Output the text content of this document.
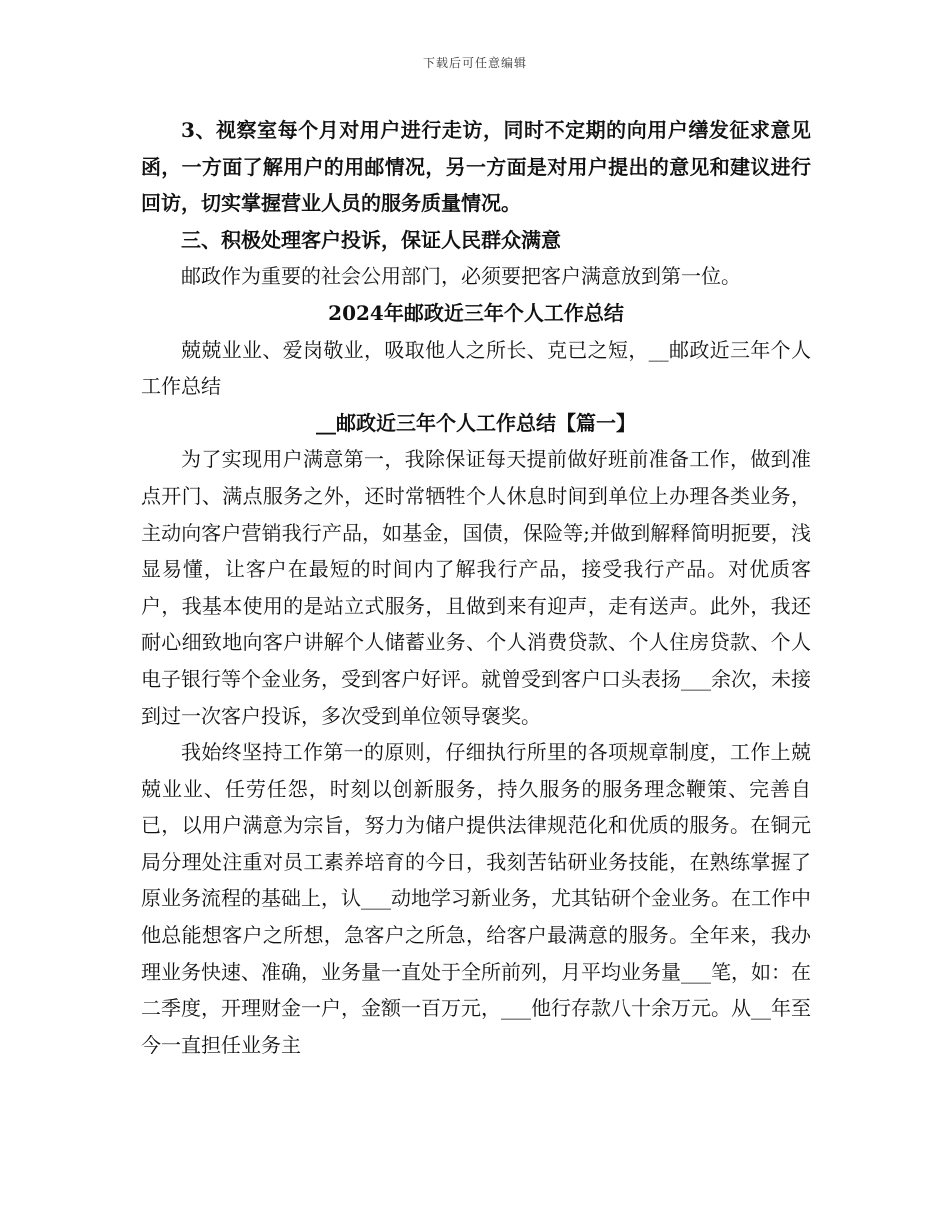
下载后可任意编辑

3、视察室每个月对用户进行走访，同时不定期的向用户缮发征求意见函，一方面了解用户的用邮情况，另一方面是对用户提出的意见和建议进行回访，切实掌握营业人员的服务质量情况。

三、积极处理客户投诉，保证人民群众满意

邮政作为重要的社会公用部门，必须要把客户满意放到第一位。

2024年邮政近三年个人工作总结

兢兢业业、爱岗敬业，吸取他人之所长、克已之短，__邮政近三年个人工作总结

__邮政近三年个人工作总结【篇一】

为了实现用户满意第一，我除保证每天提前做好班前准备工作，做到准点开门、满点服务之外，还时常牺牲个人休息时间到单位上办理各类业务，主动向客户营销我行产品，如基金，国债，保险等;并做到解释简明扼要，浅显易懂，让客户在最短的时间内了解我行产品，接受我行产品。对优质客户，我基本使用的是站立式服务，且做到来有迎声，走有送声。此外，我还耐心细致地向客户讲解个人储蓄业务、个人消费贷款、个人住房贷款、个人电子银行等个金业务，受到客户好评。就曾受到客户口头表扬___余次，未接到过一次客户投诉，多次受到单位领导褒奖。

我始终坚持工作第一的原则，仔细执行所里的各项规章制度，工作上兢兢业业、任劳任怨，时刻以创新服务，持久服务的服务理念鞭策、完善自已，以用户满意为宗旨，努力为储户提供法律规范化和优质的服务。在铜元局分理处注重对员工素养培育的今日，我刻苦钻研业务技能，在熟练掌握了原业务流程的基础上，认___动地学习新业务，尤其钻研个金业务。在工作中他总能想客户之所想，急客户之所急，给客户最满意的服务。全年来，我办理业务快速、准确，业务量一直处于全所前列，月平均业务量___笔，如：在二季度，开理财金一户，金额一百万元，___他行存款八十余万元。从__年至今一直担任业务主
